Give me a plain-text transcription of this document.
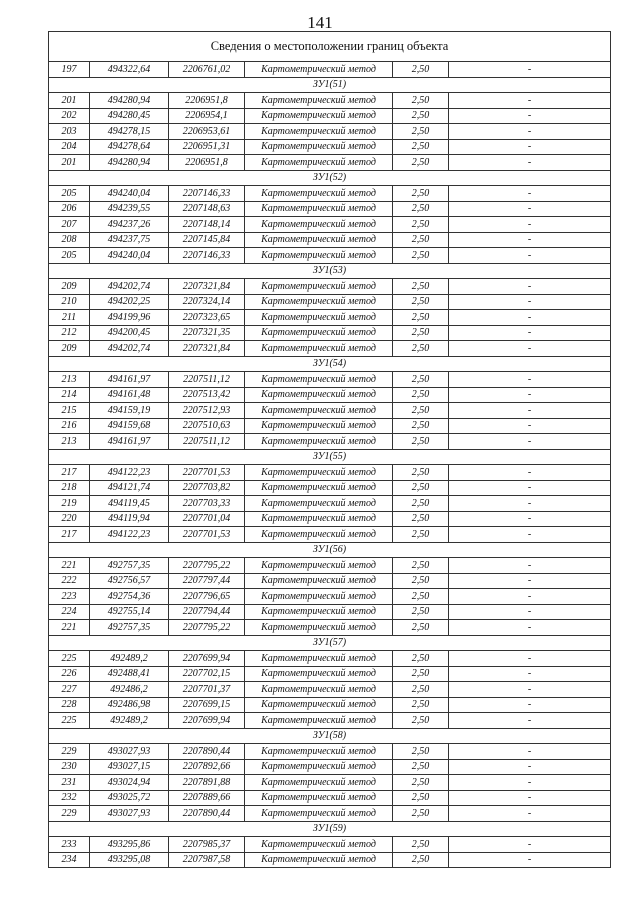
141
Сведения о местоположении границ объекта					
197	494322,64	2206761,02	Картометрический метод	2,50	-
ЗУ1(51)					
201	494280,94	2206951,8	Картометрический метод	2,50	-
202	494280,45	2206954,1	Картометрический метод	2,50	-
203	494278,15	2206953,61	Картометрический метод	2,50	-
204	494278,64	2206951,31	Картометрический метод	2,50	-
201	494280,94	2206951,8	Картометрический метод	2,50	-
ЗУ1(52)					
205	494240,04	2207146,33	Картометрический метод	2,50	-
206	494239,55	2207148,63	Картометрический метод	2,50	-
207	494237,26	2207148,14	Картометрический метод	2,50	-
208	494237,75	2207145,84	Картометрический метод	2,50	-
205	494240,04	2207146,33	Картометрический метод	2,50	-
ЗУ1(53)					
209	494202,74	2207321,84	Картометрический метод	2,50	-
210	494202,25	2207324,14	Картометрический метод	2,50	-
211	494199,96	2207323,65	Картометрический метод	2,50	-
212	494200,45	2207321,35	Картометрический метод	2,50	-
209	494202,74	2207321,84	Картометрический метод	2,50	-
ЗУ1(54)					
213	494161,97	2207511,12	Картометрический метод	2,50	-
214	494161,48	2207513,42	Картометрический метод	2,50	-
215	494159,19	2207512,93	Картометрический метод	2,50	-
216	494159,68	2207510,63	Картометрический метод	2,50	-
213	494161,97	2207511,12	Картометрический метод	2,50	-
ЗУ1(55)					
217	494122,23	2207701,53	Картометрический метод	2,50	-
218	494121,74	2207703,82	Картометрический метод	2,50	-
219	494119,45	2207703,33	Картометрический метод	2,50	-
220	494119,94	2207701,04	Картометрический метод	2,50	-
217	494122,23	2207701,53	Картометрический метод	2,50	-
ЗУ1(56)					
221	492757,35	2207795,22	Картометрический метод	2,50	-
222	492756,57	2207797,44	Картометрический метод	2,50	-
223	492754,36	2207796,65	Картометрический метод	2,50	-
224	492755,14	2207794,44	Картометрический метод	2,50	-
221	492757,35	2207795,22	Картометрический метод	2,50	-
ЗУ1(57)					
225	492489,2	2207699,94	Картометрический метод	2,50	-
226	492488,41	2207702,15	Картометрический метод	2,50	-
227	492486,2	2207701,37	Картометрический метод	2,50	-
228	492486,98	2207699,15	Картометрический метод	2,50	-
225	492489,2	2207699,94	Картометрический метод	2,50	-
ЗУ1(58)					
229	493027,93	2207890,44	Картометрический метод	2,50	-
230	493027,15	2207892,66	Картометрический метод	2,50	-
231	493024,94	2207891,88	Картометрический метод	2,50	-
232	493025,72	2207889,66	Картометрический метод	2,50	-
229	493027,93	2207890,44	Картометрический метод	2,50	-
ЗУ1(59)					
233	493295,86	2207985,37	Картометрический метод	2,50	-
234	493295,08	2207987,58	Картометрический метод	2,50	-
